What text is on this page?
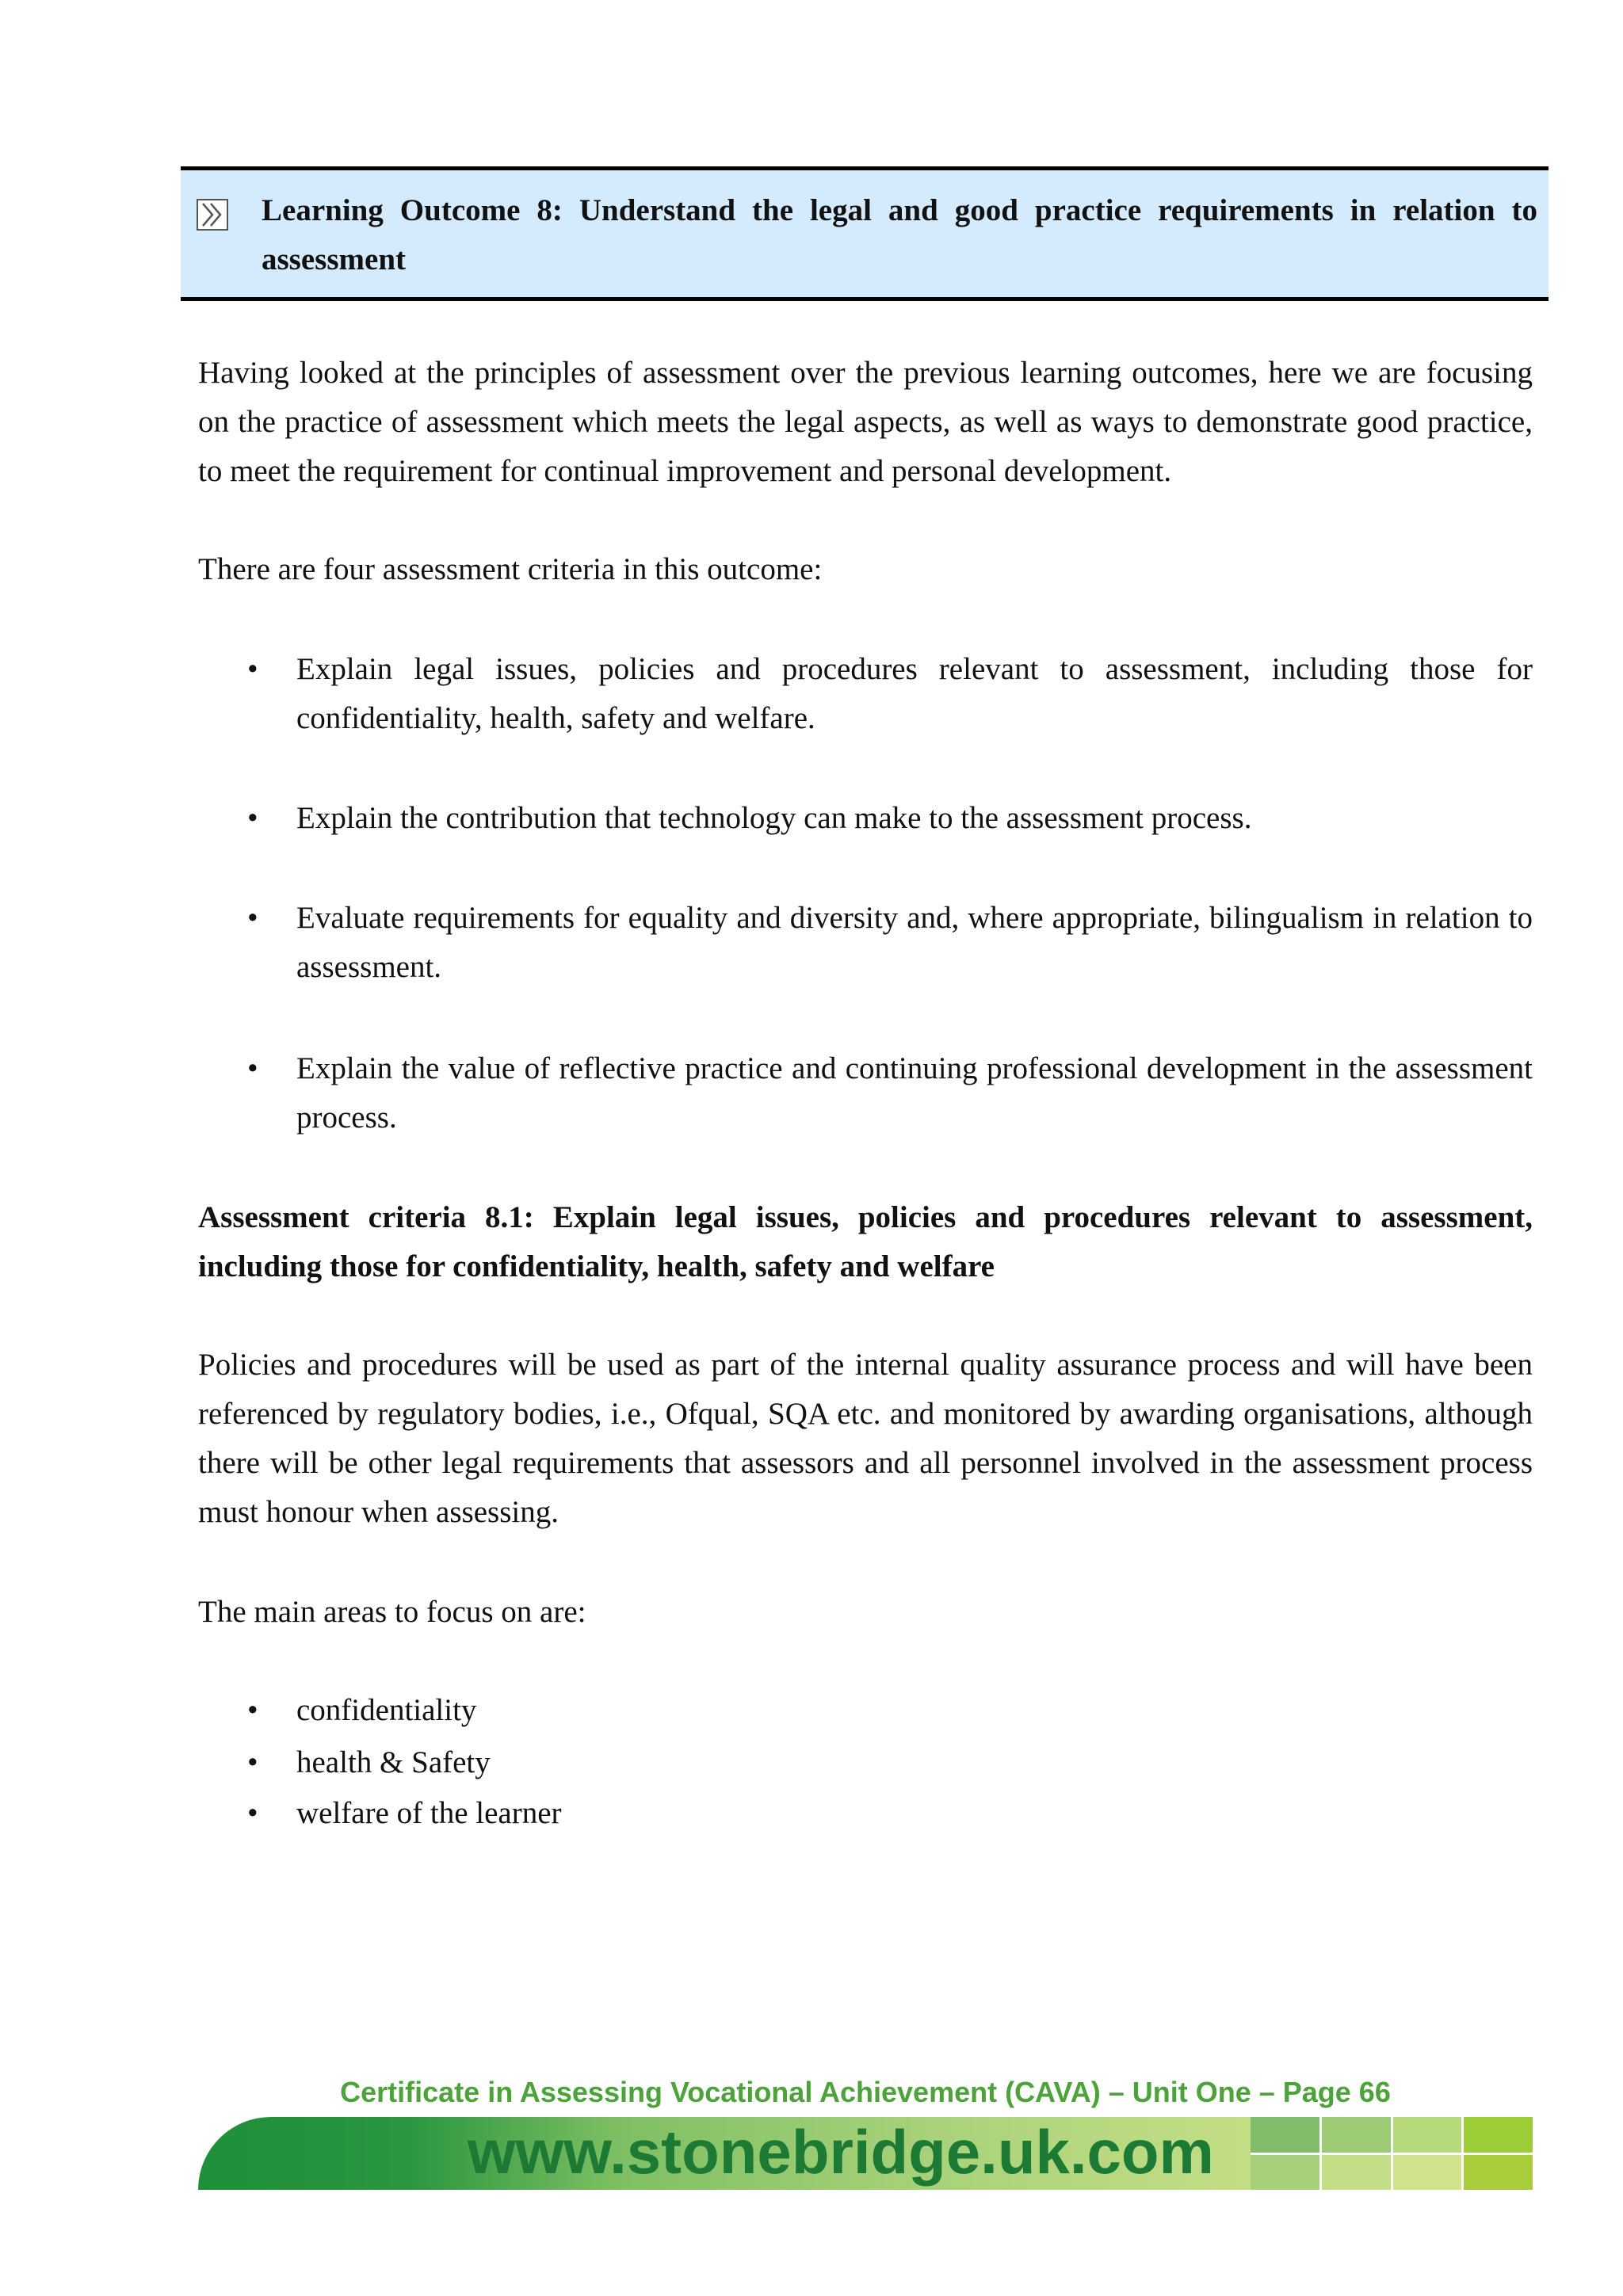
Learning Outcome 8: Understand the legal and good practice requirements in relation to assessment

Having looked at the principles of assessment over the previous learning outcomes, here we are focusing on the practice of assessment which meets the legal aspects, as well as ways to demonstrate good practice, to meet the requirement for continual improvement and personal development.

There are four assessment criteria in this outcome:

• Explain legal issues, policies and procedures relevant to assessment, including those for confidentiality, health, safety and welfare.
• Explain the contribution that technology can make to the assessment process.
• Evaluate requirements for equality and diversity and, where appropriate, bilingualism in relation to assessment.
• Explain the value of reflective practice and continuing professional development in the assessment process.

Assessment criteria 8.1: Explain legal issues, policies and procedures relevant to assessment, including those for confidentiality, health, safety and welfare

Policies and procedures will be used as part of the internal quality assurance process and will have been referenced by regulatory bodies, i.e., Ofqual, SQA etc. and monitored by awarding organisations, although there will be other legal requirements that assessors and all personnel involved in the assessment process must honour when assessing.

The main areas to focus on are:

• confidentiality
• health & Safety
• welfare of the learner
Certificate in Assessing Vocational Achievement (CAVA) – Unit One – Page 66
www.stonebridge.uk.com
